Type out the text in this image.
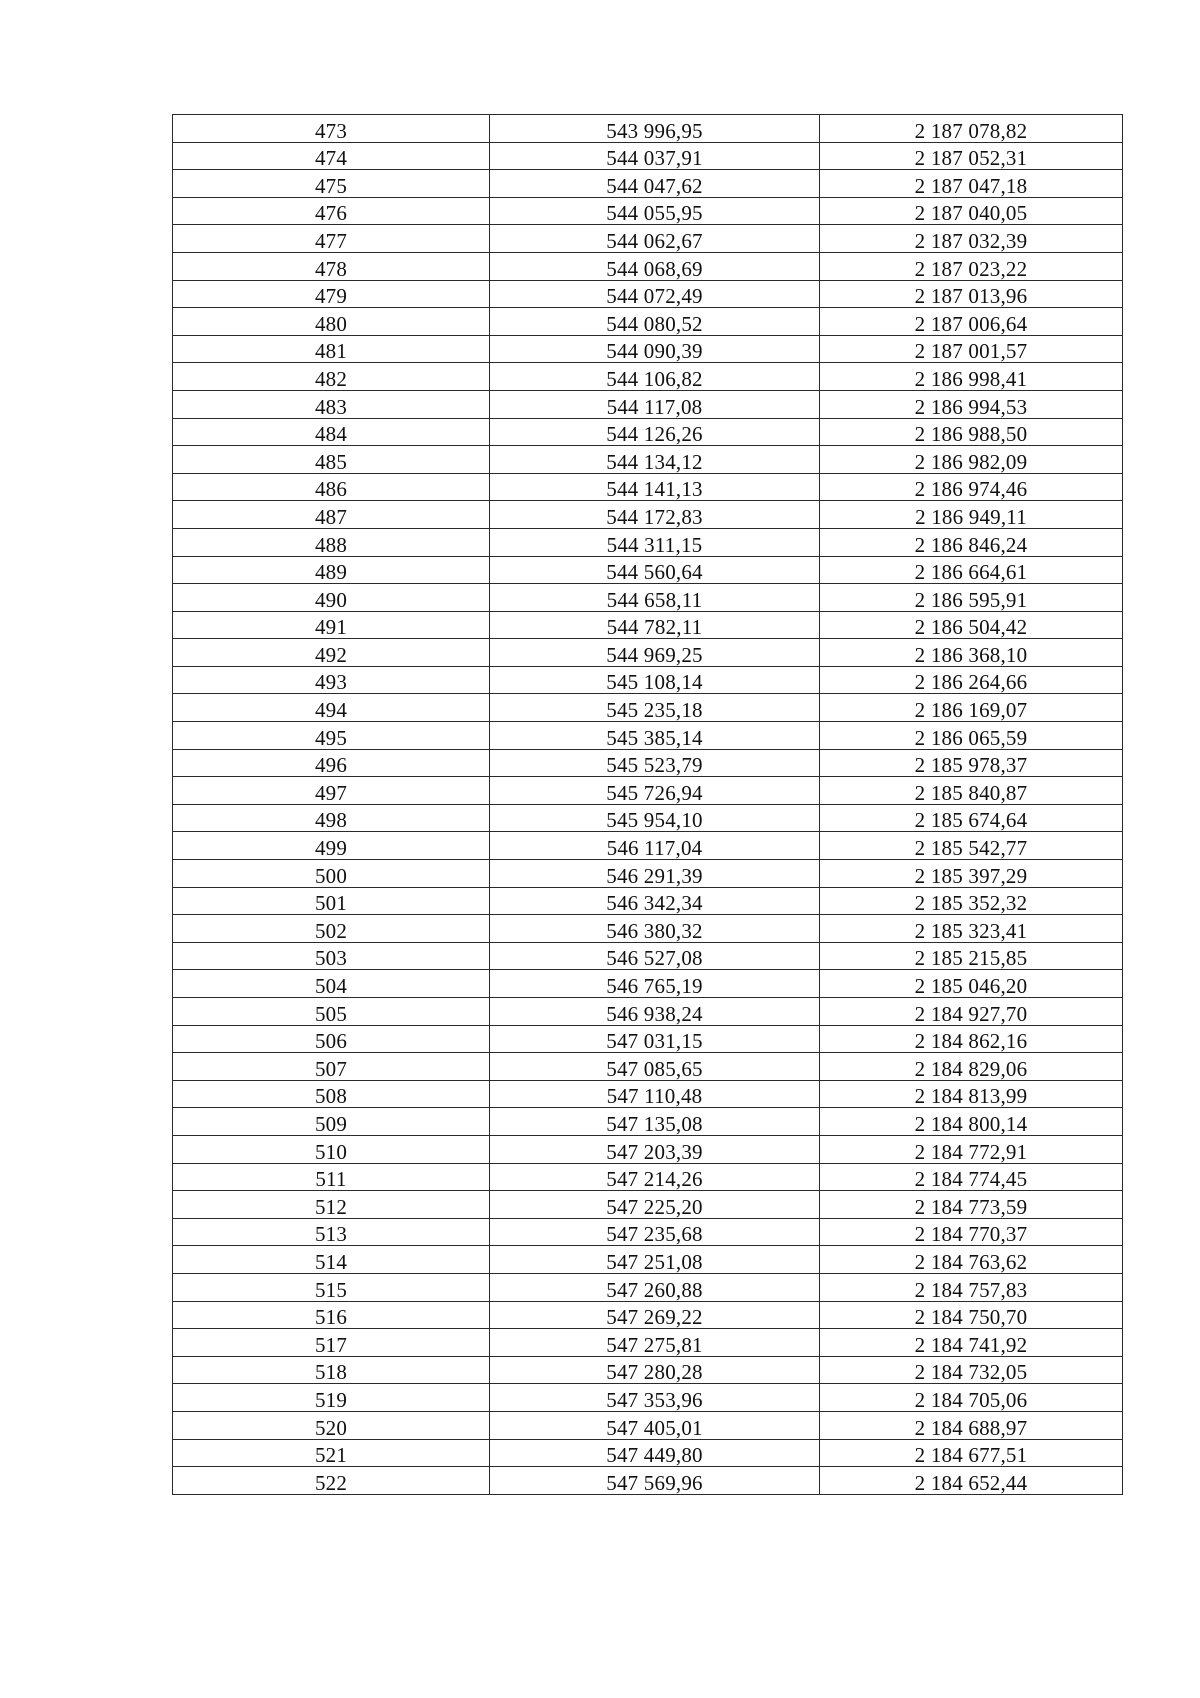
473	543 996,95	2 187 078,82
474	544 037,91	2 187 052,31
475	544 047,62	2 187 047,18
476	544 055,95	2 187 040,05
477	544 062,67	2 187 032,39
478	544 068,69	2 187 023,22
479	544 072,49	2 187 013,96
480	544 080,52	2 187 006,64
481	544 090,39	2 187 001,57
482	544 106,82	2 186 998,41
483	544 117,08	2 186 994,53
484	544 126,26	2 186 988,50
485	544 134,12	2 186 982,09
486	544 141,13	2 186 974,46
487	544 172,83	2 186 949,11
488	544 311,15	2 186 846,24
489	544 560,64	2 186 664,61
490	544 658,11	2 186 595,91
491	544 782,11	2 186 504,42
492	544 969,25	2 186 368,10
493	545 108,14	2 186 264,66
494	545 235,18	2 186 169,07
495	545 385,14	2 186 065,59
496	545 523,79	2 185 978,37
497	545 726,94	2 185 840,87
498	545 954,10	2 185 674,64
499	546 117,04	2 185 542,77
500	546 291,39	2 185 397,29
501	546 342,34	2 185 352,32
502	546 380,32	2 185 323,41
503	546 527,08	2 185 215,85
504	546 765,19	2 185 046,20
505	546 938,24	2 184 927,70
506	547 031,15	2 184 862,16
507	547 085,65	2 184 829,06
508	547 110,48	2 184 813,99
509	547 135,08	2 184 800,14
510	547 203,39	2 184 772,91
511	547 214,26	2 184 774,45
512	547 225,20	2 184 773,59
513	547 235,68	2 184 770,37
514	547 251,08	2 184 763,62
515	547 260,88	2 184 757,83
516	547 269,22	2 184 750,70
517	547 275,81	2 184 741,92
518	547 280,28	2 184 732,05
519	547 353,96	2 184 705,06
520	547 405,01	2 184 688,97
521	547 449,80	2 184 677,51
522	547 569,96	2 184 652,44
